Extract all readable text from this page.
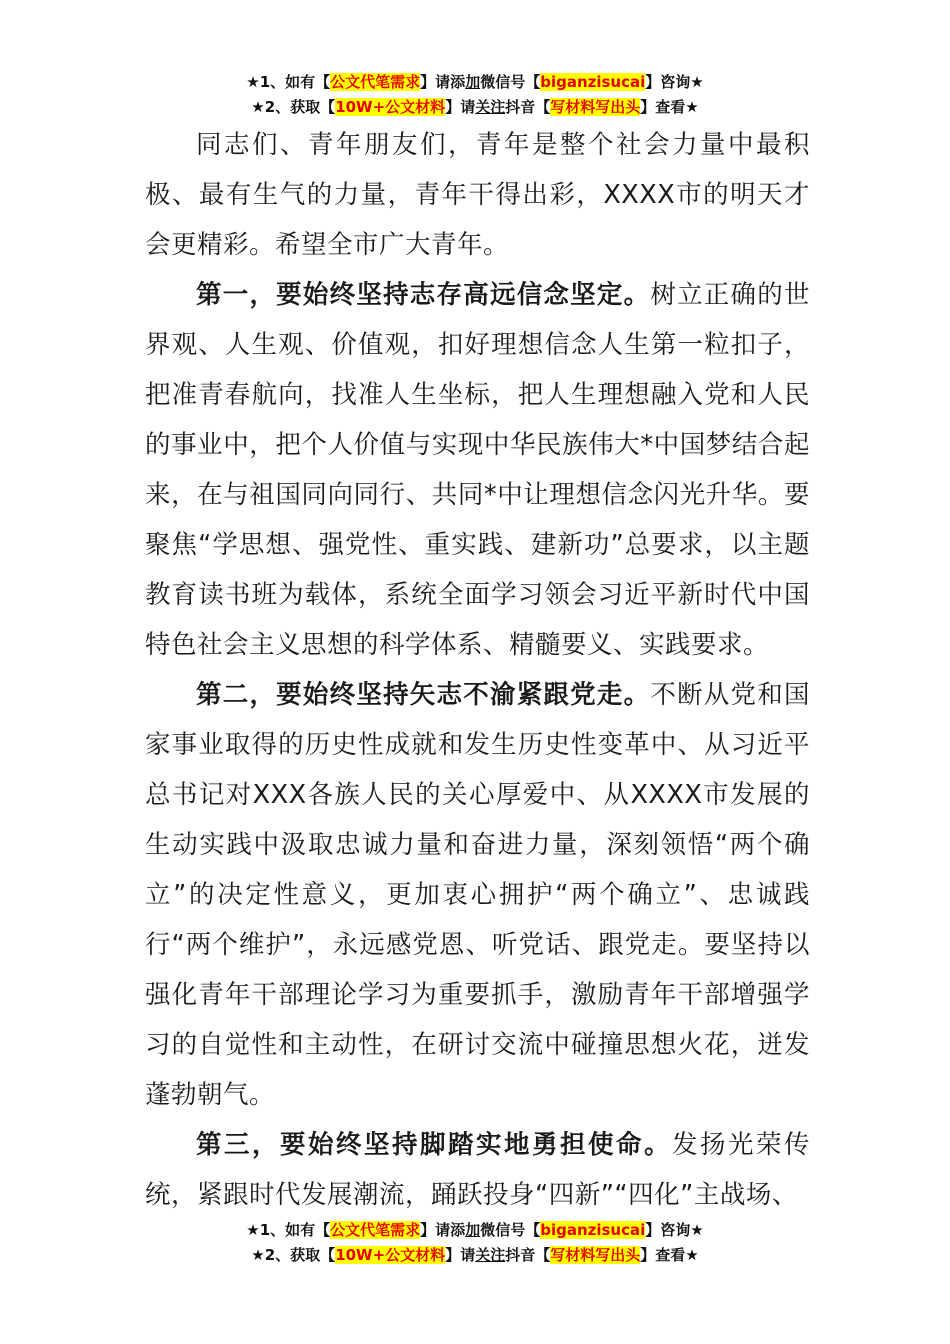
★1、如有【公文代笔需求】请添加微信号【biganzisucai】咨询★
★2、获取【10W+公文材料】请关注抖音【写材料写出头】查看★

同志们、青年朋友们，青年是整个社会力量中最积极、最有生气的力量，青年干得出彩，XXXX市的明天才会更精彩。希望全市广大青年。

第一，要始终坚持志存高远信念坚定。树立正确的世界观、人生观、价值观，扣好理想信念人生第一粒扣子，把准青春航向，找准人生坐标，把人生理想融入党和人民的事业中，把个人价值与实现中华民族伟大*中国梦结合起来，在与祖国同向同行、共同*中让理想信念闪光升华。要聚焦“学思想、强党性、重实践、建新功”总要求，以主题教育读书班为载体，系统全面学习领会习近平新时代中国特色社会主义思想的科学体系、精髓要义、实践要求。

第二，要始终坚持矢志不渝紧跟党走。不断从党和国家事业取得的历史性成就和发生历史性变革中、从习近平总书记对XXX各族人民的关心厚爱中、从XXXX市发展的生动实践中汲取忠诚力量和奋进力量，深刻领悟“两个确立”的决定性意义，更加衷心拥护“两个确立”、忠诚践行“两个维护”，永远感党恩、听党话、跟党走。要坚持以强化青年干部理论学习为重要抓手，激励青年干部增强学习的自觉性和主动性，在研讨交流中碰撞思想火花，迸发蓬勃朝气。

第三，要始终坚持脚踏实地勇担使命。发扬光荣传统，紧跟时代发展潮流，踊跃投身“四新”“四化”主战场、

★1、如有【公文代笔需求】请添加微信号【biganzisucai】咨询★
★2、获取【10W+公文材料】请关注抖音【写材料写出头】查看★
